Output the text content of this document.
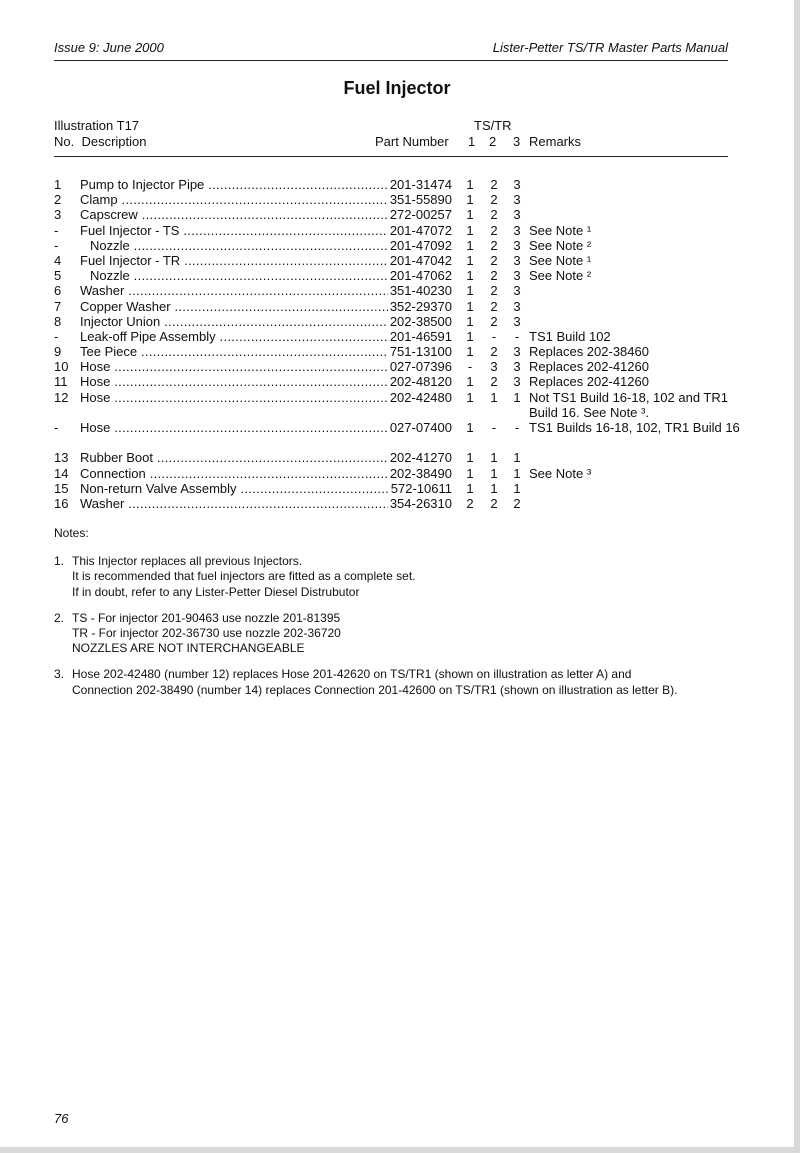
Issue 9: June 2000	Lister-Petter TS/TR Master Parts Manual
Fuel Injector
Illustration T17	TS/TR
No.  Description	Part Number 1 2 3 Remarks
1 Pump to Injector Pipe .....	201-31474 1 2 3
2 Clamp .....	351-55890 1 2 3
3 Capscrew .....	272-00257 1 2 3
- Fuel Injector - TS .....	201-47072 1 2 3 See Note ¹
- Nozzle .....	201-47092 1 2 3 See Note ²
4 Fuel Injector - TR .....	201-47042 1 2 3 See Note ¹
5 Nozzle .....	201-47062 1 2 3 See Note ²
6 Washer .....	351-40230 1 2 3
7 Copper Washer .....	352-29370 1 2 3
8 Injector Union .....	202-38500 1 2 3
- Leak-off Pipe Assembly .....	201-46591 1 - - TS1 Build 102
9 Tee Piece .....	751-13100 1 2 3 Replaces 202-38460
10 Hose .....	027-07396 - 3 3 Replaces 202-41260
11 Hose .....	202-48120 1 2 3 Replaces 202-41260
12 Hose .....	202-42480 1 1 1 Not TS1 Build 16-18, 102 and TR1 Build 16. See Note ³.
- Hose .....	027-07400 1 - - TS1 Builds 16-18, 102, TR1 Build 16
13 Rubber Boot .....	202-41270 1 1 1
14 Connection .....	202-38490 1 1 1 See Note ³
15 Non-return Valve Assembly .....	572-10611 1 1 1
16 Washer .....	354-26310 2 2 2
Notes:
1. This Injector replaces all previous Injectors.
It is recommended that fuel injectors are fitted as a complete set.
If in doubt, refer to any Lister-Petter Diesel Distrubutor
2. TS - For injector 201-90463 use nozzle 201-81395
TR - For injector 202-36730 use nozzle 202-36720
NOZZLES ARE NOT INTERCHANGEABLE
3. Hose 202-42480 (number 12) replaces Hose 201-42620 on TS/TR1 (shown on illustration as letter A) and
Connection 202-38490 (number 14) replaces Connection 201-42600 on TS/TR1 (shown on illustration as letter B).
76
